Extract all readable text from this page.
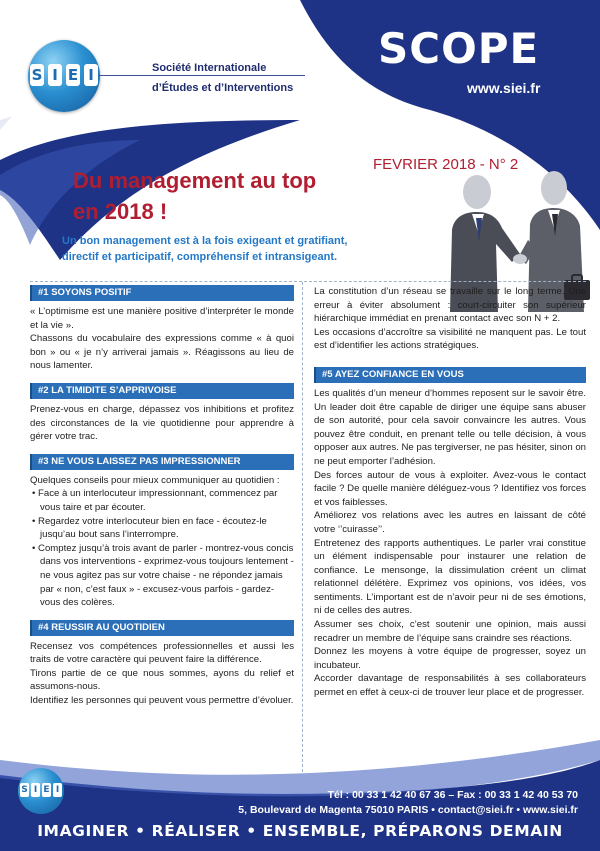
S I E I	Société Internationale
d’Études et d’Interventions
SCOPE
www.siei.fr
FEVRIER 2018 - N° 2
Du management au top
en 2018 !
Un bon management est à la fois exigeant et gratifiant, directif et participatif, compréhensif et intransigeant.
#1 SOYONS POSITIF

« L’optimisme est une manière positive d’interpréter le monde et la vie ».

Chassons du vocabulaire des expressions comme « à quoi bon » ou « je n’y arriverai jamais ». Réagissons au lieu de nous lamenter.

#2 LA TIMIDITE S’APPRIVOISE

Prenez-vous en charge, dépassez vos inhibitions et profitez des circonstances de la vie quotidienne pour apprendre à gérer votre trac.

#3 NE VOUS LAISSEZ PAS IMPRESSIONNER

Quelques conseils pour mieux communiquer au quotidien :

• Face à un interlocuteur impressionnant, commencez par vous taire et par écouter.
• Regardez votre interlocuteur bien en face - écoutez-le jusqu’au bout sans l’interrompre.
• Comptez jusqu’à trois avant de parler - montrez-vous concis dans vos interventions - exprimez-vous toujours lentement - ne vous agitez pas sur votre chaise - ne répondez jamais par « non, c’est faux » - excusez-vous parfois - gardez-vous des colères.
#4 REUSSIR AU QUOTIDIEN

Recensez vos compétences professionnelles et aussi les traits de votre caractère qui peuvent faire la différence.

Tirons partie de ce que nous sommes, ayons du relief et assumons-nous.

Identifiez les personnes qui peuvent vous permettre d’évoluer.

La constitution d’un réseau se travaille sur le long terme. Une erreur à éviter absolument : court-circuiter son supérieur hiérarchique immédiat en prenant contact avec son N + 2.

Les occasions d’accroître sa visibilité ne manquent pas. Le tout est d’identifier les actions stratégiques.

#5 AYEZ CONFIANCE EN VOUS

Les qualités d’un meneur d’hommes reposent sur le savoir être. Un leader doit être capable de diriger une équipe sans abuser de son autorité, pour cela savoir convaincre les autres. Vous pouvez être conduit, en prenant telle ou telle décision, à vous opposer aux autres. Ne pas tergiverser, ne pas hésiter, sinon on ne peut emporter l’adhésion.

Des forces autour de vous à exploiter. Avez-vous le contact facile ? De quelle manière déléguez-vous ? Identifiez vos forces et vos faiblesses.

Améliorez vos relations avec les autres en laissant de côté votre ‘’cuirasse’’.

Entretenez des rapports authentiques. Le parler vrai constitue un élément indispensable pour instaurer une relation de confiance. Le mensonge, la dissimulation créent un climat relationnel délétère. Exprimez vos opinions, vos idées, vos sentiments. L’important est de n’avoir peur ni de ses émotions, ni de celles des autres.

Assumer ses choix, c’est soutenir une opinion, mais aussi recadrer un membre de l’équipe sans craindre ses réactions.

Donnez les moyens à votre équipe de progresser, soyez un incubateur.

Accorder davantage de responsabilités à ses collaborateurs permet en effet à ceux-ci de trouver leur place et de progresser.

S I E I	Tél : 00 33 1 42 40 67 36 – Fax : 00 33 1 42 40 53 70
5, Boulevard de Magenta 75010 PARIS • contact@siei.fr • www.siei.fr
IMAGINER • RÉALISER • ENSEMBLE, PRÉPARONS DEMAIN
